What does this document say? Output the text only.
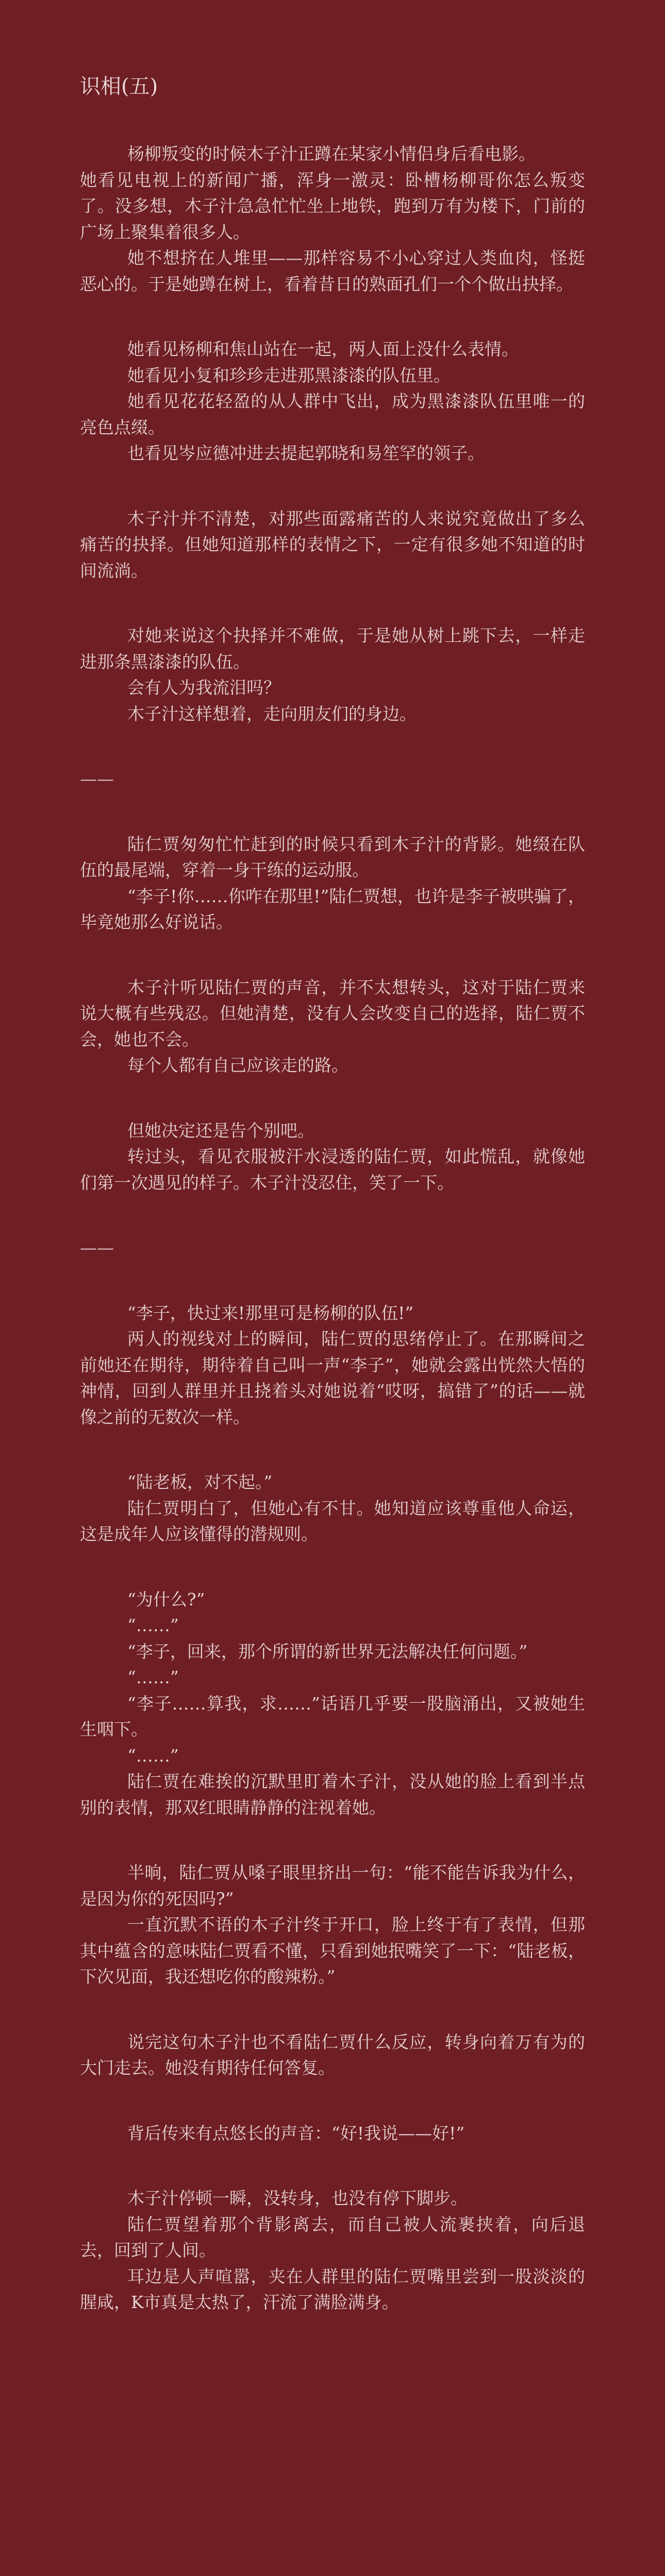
识相(五)

杨柳叛变的时候木子汁正蹲在某家小情侣身后看电影。

她看见电视上的新闻广播，浑身一激灵：卧槽杨柳哥你怎么叛变了。没多想，木子汁急急忙忙坐上地铁，跑到万有为楼下，门前的广场上聚集着很多人。

她不想挤在人堆里——那样容易不小心穿过人类血肉，怪挺恶心的。于是她蹲在树上，看着昔日的熟面孔们一个个做出抉择。

她看见杨柳和焦山站在一起，两人面上没什么表情。

她看见小复和珍珍走进那黑漆漆的队伍里。

她看见花花轻盈的从人群中飞出，成为黑漆漆队伍里唯一的亮色点缀。

也看见岑应德冲进去提起郭晓和易笙罕的领子。

木子汁并不清楚，对那些面露痛苦的人来说究竟做出了多么痛苦的抉择。但她知道那样的表情之下，一定有很多她不知道的时间流淌。

对她来说这个抉择并不难做，于是她从树上跳下去，一样走进那条黑漆漆的队伍。

会有人为我流泪吗？

木子汁这样想着，走向朋友们的身边。

——

陆仁贾匆匆忙忙赶到的时候只看到木子汁的背影。她缀在队伍的最尾端，穿着一身干练的运动服。

“李子!你……你咋在那里!”陆仁贾想，也许是李子被哄骗了，毕竟她那么好说话。

木子汁听见陆仁贾的声音，并不太想转头，这对于陆仁贾来说大概有些残忍。但她清楚，没有人会改变自己的选择，陆仁贾不会，她也不会。

每个人都有自己应该走的路。

但她决定还是告个别吧。

转过头，看见衣服被汗水浸透的陆仁贾，如此慌乱，就像她们第一次遇见的样子。木子汁没忍住，笑了一下。

——

“李子，快过来!那里可是杨柳的队伍!”

两人的视线对上的瞬间，陆仁贾的思绪停止了。在那瞬间之前她还在期待，期待着自己叫一声“李子”，她就会露出恍然大悟的神情，回到人群里并且挠着头对她说着“哎呀，搞错了”的话——就像之前的无数次一样。

“陆老板，对不起。”

陆仁贾明白了，但她心有不甘。她知道应该尊重他人命运，这是成年人应该懂得的潜规则。

“为什么?”

“……”

“李子，回来，那个所谓的新世界无法解决任何问题。”

“……”

“李子……算我，求……”话语几乎要一股脑涌出，又被她生生咽下。

“……”

陆仁贾在难挨的沉默里盯着木子汁，没从她的脸上看到半点别的表情，那双红眼睛静静的注视着她。

半晌，陆仁贾从嗓子眼里挤出一句：“能不能告诉我为什么，是因为你的死因吗?”

一直沉默不语的木子汁终于开口，脸上终于有了表情，但那其中蕴含的意味陆仁贾看不懂，只看到她抿嘴笑了一下：“陆老板，下次见面，我还想吃你的酸辣粉。”

说完这句木子汁也不看陆仁贾什么反应，转身向着万有为的大门走去。她没有期待任何答复。

背后传来有点悠长的声音：“好!我说——好!”

木子汁停顿一瞬，没转身，也没有停下脚步。

陆仁贾望着那个背影离去，而自己被人流裹挟着，向后退去，回到了人间。

耳边是人声喧嚣，夹在人群里的陆仁贾嘴里尝到一股淡淡的腥咸，K市真是太热了，汗流了满脸满身。
